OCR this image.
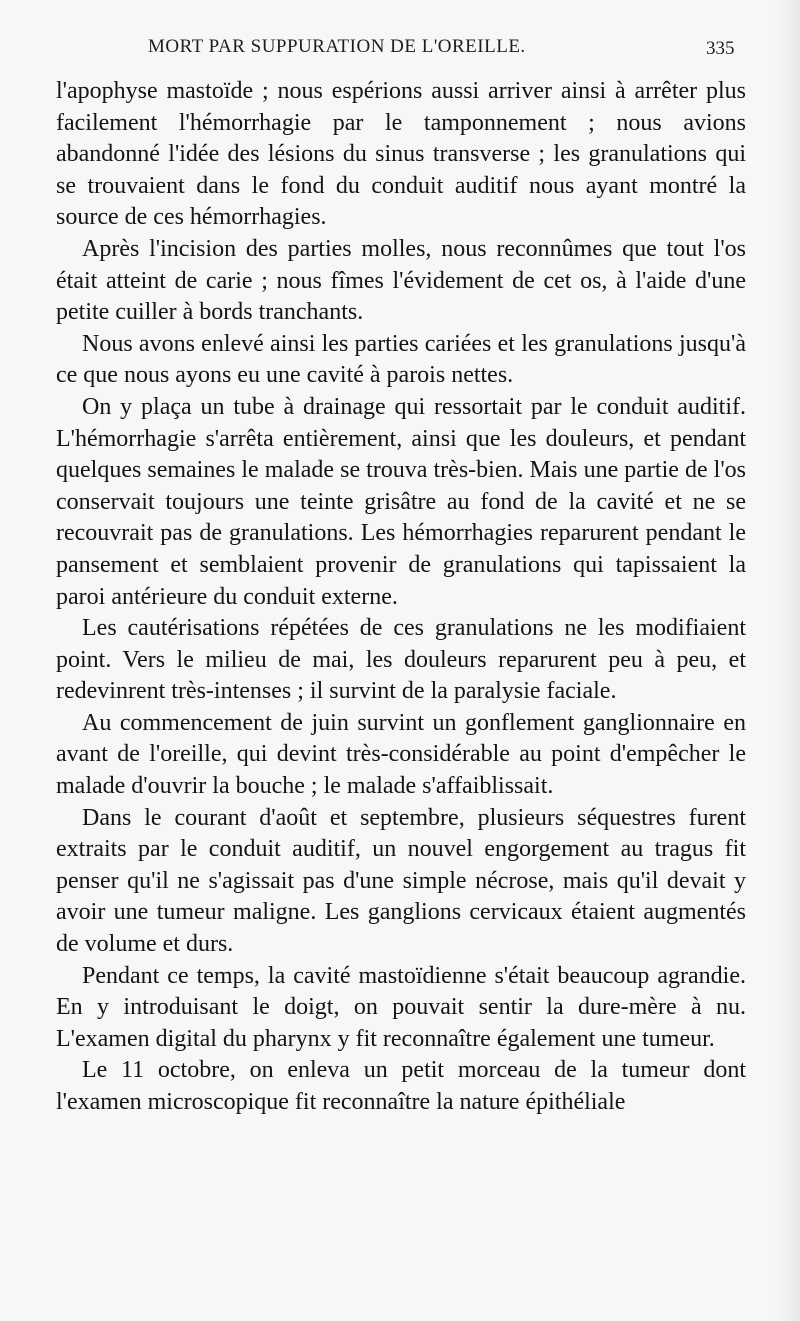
MORT PAR SUPPURATION DE L'OREILLE.	335

l'apophyse mastoïde ; nous espérions aussi arriver ainsi à arrêter plus facilement l'hémorrhagie par le tamponnement ; nous avions abandonné l'idée des lésions du sinus transverse ; les granulations qui se trouvaient dans le fond du conduit auditif nous ayant montré la source de ces hémorrhagies.

Après l'incision des parties molles, nous reconnûmes que tout l'os était atteint de carie ; nous fîmes l'évidement de cet os, à l'aide d'une petite cuiller à bords tranchants.

Nous avons enlevé ainsi les parties cariées et les granulations jusqu'à ce que nous ayons eu une cavité à parois nettes.

On y plaça un tube à drainage qui ressortait par le conduit auditif. L'hémorrhagie s'arrêta entièrement, ainsi que les douleurs, et pendant quelques semaines le malade se trouva très-bien. Mais une partie de l'os conservait toujours une teinte grisâtre au fond de la cavité et ne se recouvrait pas de granulations. Les hémorrhagies reparurent pendant le pansement et semblaient provenir de granulations qui tapissaient la paroi antérieure du conduit externe.

Les cautérisations répétées de ces granulations ne les modifiaient point. Vers le milieu de mai, les douleurs reparurent peu à peu, et redevinrent très-intenses ; il survint de la paralysie faciale.

Au commencement de juin survint un gonflement ganglionnaire en avant de l'oreille, qui devint très-considérable au point d'empêcher le malade d'ouvrir la bouche ; le malade s'affaiblissait.

Dans le courant d'août et septembre, plusieurs séquestres furent extraits par le conduit auditif, un nouvel engorgement au tragus fit penser qu'il ne s'agissait pas d'une simple nécrose, mais qu'il devait y avoir une tumeur maligne. Les ganglions cervicaux étaient augmentés de volume et durs.

Pendant ce temps, la cavité mastoïdienne s'était beaucoup agrandie. En y introduisant le doigt, on pouvait sentir la dure-mère à nu. L'examen digital du pharynx y fit reconnaître également une tumeur.

Le 11 octobre, on enleva un petit morceau de la tumeur dont l'examen microscopique fit reconnaître la nature épithéliale
